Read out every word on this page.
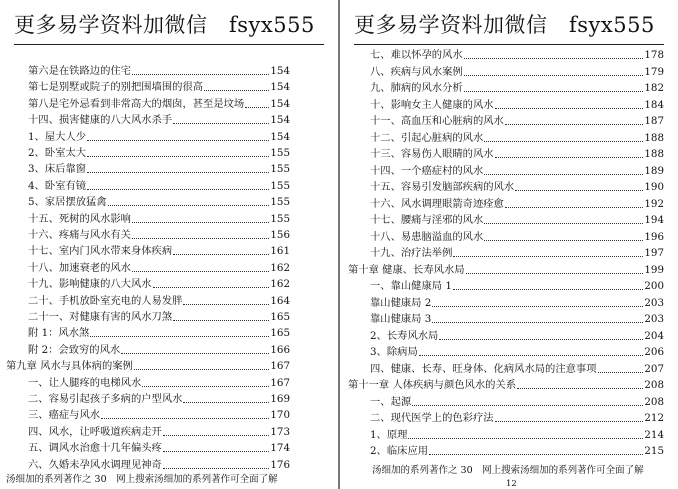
更多易学资料加微信　fsyx555
第六是在铁路边的住宅	154
第七是别墅或院子的别把围墙围的很高	154
第八是宅外忌看到非常高大的烟囱，甚至是坟场	154
十四、损害健康的八大风水杀手	154
1、屋大人少	154
2、卧室太大	155
3、床后靠窗	155
4、卧室有镜	155
5、家居摆放猛禽	155
十五、死树的风水影响	155
十六、疼痛与风水有关	156
十七、室内门风水带来身体疾病	161
十八、加速衰老的风水	162
十九、影响健康的八大风水	162
二十、手机放卧室充电的人易发胖	164
二十一、对健康有害的风水刀煞	165
附 1：风水煞	165
附 2：会致穷的风水	166
第九章 风水与具体病的案例	167
一、让人腿疼的电梯风水	167
二、容易引起孩子多病的户型风水	169
三、癌症与风水	170
四、风水，让呼吸道疾病走开	173
五、调风水治愈十几年偏头疼	174
六、久婚未孕风水调理见神奇	176
汤细加的系列著作之 30　网上搜索汤细加的系列著作可全面了解
更多易学资料加微信　fsyx555
七、难以怀孕的风水	178
八、疾病与风水案例	179
九、肺病的风水分析	182
十、影响女主人健康的风水	184
十一、高血压和心脏病的风水	187
十二、引起心脏病的风水	188
十三、容易伤人眼睛的风水	188
十四、一个癌症村的风水	189
十五、容易引发脑部疾病的风水	190
十六、风水调理眼箭奇迹痊愈	192
十七、腰痛与淫邪的风水	194
十八、易患脑溢血的风水	196
十九、治疗法举例	197
第十章 健康、长寿风水局	199
一、靠山健康局 1	200
靠山健康局 2	203
靠山健康局 3	203
2、长寿风水局	204
3、除病局	206
四、健康、长寿、旺身体、化病风水局的注意事项	207
第十一章 人体疾病与颜色风水的关系	208
一、起源	208
二、现代医学上的色彩疗法	212
1、原理	214
2、临床应用	215
汤细加的系列著作之 30　网上搜索汤细加的系列著作可全面了解
12
